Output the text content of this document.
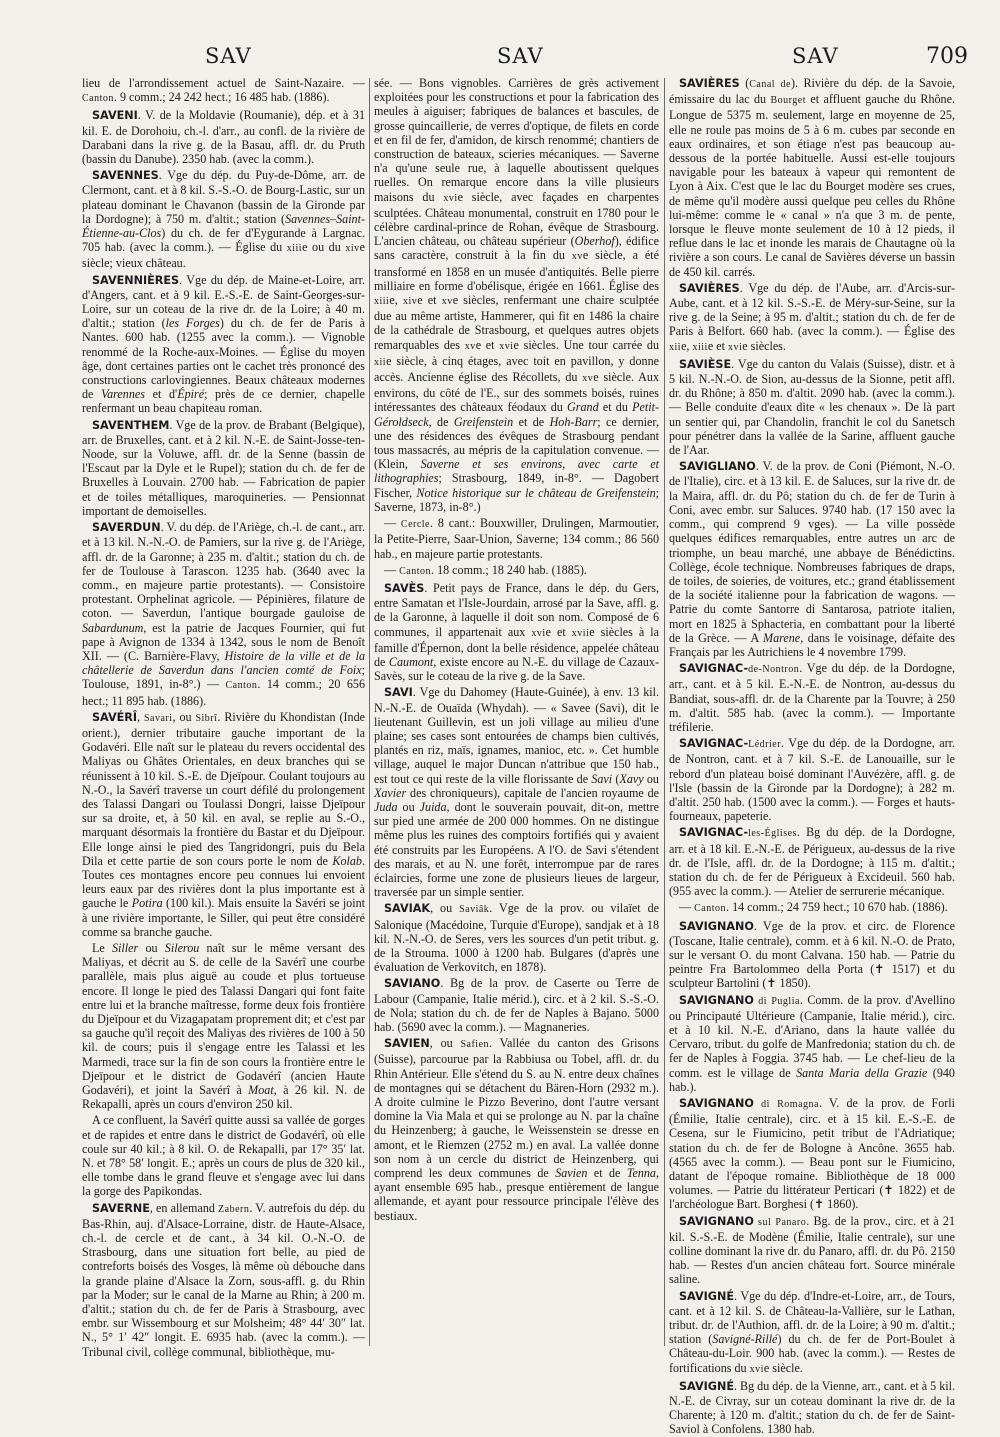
SAV	SAV	SAV	709

lieu de l'arrondissement actuel de Saint-Nazaire. — Canton. 9 comm.; 24 242 hect.; 16 485 hab. (1886).

SAVENI. V. de la Moldavie (Roumanie), dép. et à 31 kil. E. de Dorohoiu, ch.-l. d'arr., au confl. de la rivière de Darabani dans la rive g. de la Basau, affl. dr. du Pruth (bassin du Danube). 2350 hab. (avec la comm.).

SAVENNES. Vge du dép. du Puy-de-Dôme, arr. de Clermont, cant. et à 8 kil. S.-S.-O. de Bourg-Lastic, sur un plateau dominant le Chavanon (bassin de la Gironde par la Dordogne); à 750 m. d'altit.; station (Savennes–Saint-Étienne-au-Clos) du ch. de fer d'Eygurande à Largnac. 705 hab. (avec la comm.). — Église du xiiie ou du xive siècle; vieux château.

SAVENNIÈRES. Vge du dép. de Maine-et-Loire, arr. d'Angers, cant. et à 9 kil. E.-S.-E. de Saint-Georges-sur-Loire, sur un coteau de la rive dr. de la Loire; à 40 m. d'altit.; station (les Forges) du ch. de fer de Paris à Nantes. 600 hab. (1255 avec la comm.). — Vignoble renommé de la Roche-aux-Moines. — Église du moyen âge, dont certaines parties ont le cachet très prononcé des constructions carlovingiennes. Beaux châteaux modernes de Varennes et d'Épiré; près de ce dernier, chapelle renfermant un beau chapiteau roman.

SAVENTHEM. Vge de la prov. de Brabant (Belgique), arr. de Bruxelles, cant. et à 2 kil. N.-E. de Saint-Josse-ten-Noode, sur la Voluwe, affl. dr. de la Senne (bassin de l'Escaut par la Dyle et le Rupel); station du ch. de fer de Bruxelles à Louvain. 2700 hab. — Fabrication de papier et de toiles métalliques, maroquineries. — Pensionnat important de demoiselles.

SAVERDUN. V. du dép. de l'Ariège, ch.-l. de cant., arr. et à 13 kil. N.-N.-O. de Pamiers, sur la rive g. de l'Ariège, affl. dr. de la Garonne; à 235 m. d'altit.; station du ch. de fer de Toulouse à Tarascon. 1235 hab. (3640 avec la comm., en majeure partie protestants). — Consistoire protestant. Orphelinat agricole. — Pépinières, filature de coton. — Saverdun, l'antique bourgade gauloise de Sabardunum, est la patrie de Jacques Fournier, qui fut pape à Avignon de 1334 à 1342, sous le nom de Benoît XII. — (C. Barnière-Flavy, Histoire de la ville et de la châtellerie de Saverdun dans l'ancien comté de Foix; Toulouse, 1891, in-8°.) — Canton. 14 comm.; 20 656 hect.; 11 895 hab. (1886).

SAVÉRÎ, Savari, ou Sibrî. Rivière du Khondistan (Inde orient.), dernier tributaire gauche important de la Godavéri. Elle naît sur le plateau du revers occidental des Maliyas ou Ghâtes Orientales, en deux branches qui se réunissent à 10 kil. S.-E. de Djeïpour. Coulant toujours au N.-O., la Savérî traverse un court défilé du prolongement des Talassi Dangari ou Toulassi Dongri, laisse Djeïpour sur sa droite, et, à 50 kil. en aval, se replie au S.-O., marquant désormais la frontière du Bastar et du Djeïpour. Elle longe ainsi le pied des Tangridongri, puis du Bela Dila et cette partie de son cours porte le nom de Kolab. Toutes ces montagnes encore peu connues lui envoient leurs eaux par des rivières dont la plus importante est à gauche le Potira (100 kil.). Mais ensuite la Savéri se joint à une rivière importante, le Siller, qui peut être considéré comme sa branche gauche.

Le Siller ou Silerou naît sur le même versant des Maliyas, et décrit au S. de celle de la Savérî une courbe parallèle, mais plus aiguë au coude et plus tortueuse encore. Il longe le pied des Talassi Dangari qui font faite entre lui et la branche maîtresse, forme deux fois frontière du Djeïpour et du Vizagapatam proprement dit; et c'est par sa gauche qu'il reçoit des Maliyas des rivières de 100 à 50 kil. de cours; puis il s'engage entre les Talassi et les Marmedi, trace sur la fin de son cours la frontière entre le Djeïpour et le district de Godavérî (ancien Haute Godavéri), et joint la Savérî à Moat, à 26 kil. N. de Rekapalli, après un cours d'environ 250 kil.

A ce confluent, la Savérî quitte aussi sa vallée de gorges et de rapides et entre dans le district de Godavérî, où elle coule sur 40 kil.; à 8 kil. O. de Rekapalli, par 17° 35′ lat. N. et 78° 58′ longit. E.; après un cours de plus de 320 kil., elle tombe dans le grand fleuve et s'engage avec lui dans la gorge des Papikondas.

SAVERNE, en allemand Zabern. V. autrefois du dép. du Bas-Rhin, auj. d'Alsace-Lorraine, distr. de Haute-Alsace, ch.-l. de cercle et de cant., à 34 kil. O.-N.-O. de Strasbourg, dans une situation fort belle, au pied de contreforts boisés des Vosges, là même où débouche dans la grande plaine d'Alsace la Zorn, sous-affl. g. du Rhin par la Moder; sur le canal de la Marne au Rhin; à 200 m. d'altit.; station du ch. de fer de Paris à Strasbourg, avec embr. sur Wissembourg et sur Molsheim; 48° 44′ 30″ lat. N., 5° 1′ 42″ longit. E. 6935 hab. (avec la comm.). — Tribunal civil, collège communal, bibliothèque, mu-

sée. — Bons vignobles. Carrières de grès activement exploitées pour les constructions et pour la fabrication des meules à aiguiser; fabriques de balances et bascules, de grosse quincaillerie, de verres d'optique, de filets en corde et en fil de fer, d'amidon, de kirsch renommé; chantiers de construction de bateaux, scieries mécaniques. — Saverne n'a qu'une seule rue, à laquelle aboutissent quelques ruelles. On remarque encore dans la ville plusieurs maisons du xvie siècle, avec façades en charpentes sculptées. Château monumental, construit en 1780 pour le célèbre cardinal-prince de Rohan, évêque de Strasbourg. L'ancien château, ou château supérieur (Oberhof), édifice sans caractère, construit à la fin du xve siècle, a été transformé en 1858 en un musée d'antiquités. Belle pierre milliaire en forme d'obélisque, érigée en 1661. Église des xiiie, xive et xve siècles, renfermant une chaire sculptée due au même artiste, Hammerer, qui fit en 1486 la chaire de la cathédrale de Strasbourg, et quelques autres objets remarquables des xve et xvie siècles. Une tour carrée du xiie siècle, à cinq étages, avec toit en pavillon, y donne accès. Ancienne église des Récollets, du xve siècle. Aux environs, du côté de l'E., sur des sommets boisés, ruines intéressantes des châteaux féodaux du Grand et du Petit-Géroldseck, de Greifenstein et de Hoh-Barr; ce dernier, une des résidences des évêques de Strasbourg pendant tous massacrés, au mépris de la capitulation convenue. — (Klein, Saverne et ses environs, avec carte et lithographies; Strasbourg, 1849, in-8°. — Dagobert Fischer, Notice historique sur le château de Greifenstein; Saverne, 1873, in-8°.)

— Cercle. 8 cant.: Bouxwiller, Drulingen, Marmoutier, la Petite-Pierre, Saar-Union, Saverne; 134 comm.; 86 560 hab., en majeure partie protestants.

— Canton. 18 comm.; 18 240 hab. (1885).

SAVÈS. Petit pays de France, dans le dép. du Gers, entre Samatan et l'Isle-Jourdain, arrosé par la Save, affl. g. de la Garonne, à laquelle il doit son nom. Composé de 6 communes, il appartenait aux xvie et xviie siècles à la famille d'Épernon, dont la belle résidence, appelée château de Caumont, existe encore au N.-E. du village de Cazaux-Savès, sur le coteau de la rive g. de la Save.

SAVI. Vge du Dahomey (Haute-Guinée), à env. 13 kil. N.-N.-E. de Ouaïda (Whydah). — « Savee (Savi), dit le lieutenant Guillevin, est un joli village au milieu d'une plaine; ses cases sont entourées de champs bien cultivés, plantés en riz, maïs, ignames, manioc, etc. ». Cet humble village, auquel le major Duncan n'attribue que 150 hab., est tout ce qui reste de la ville florissante de Savi (Xavy ou Xavier des chroniqueurs), capitale de l'ancien royaume de Juda ou Juida, dont le souverain pouvait, dit-on, mettre sur pied une armée de 200 000 hommes. On ne distingue même plus les ruines des comptoirs fortifiés qui y avaient été construits par les Européens. A l'O. de Savi s'étendent des marais, et au N. une forêt, interrompue par de rares éclaircies, forme une zone de plusieurs lieues de largeur, traversée par un simple sentier.

SAVIAK, ou Saviâk. Vge de la prov. ou vilaïet de Salonique (Macédoine, Turquie d'Europe), sandjak et à 18 kil. N.-N.-O. de Seres, vers les sources d'un petit tribut. g. de la Strouma. 1000 à 1200 hab. Bulgares (d'après une évaluation de Verkovitch, en 1878).

SAVIANO. Bg de la prov. de Caserte ou Terre de Labour (Campanie, Italie mérid.), circ. et à 2 kil. S.-S.-O. de Nola; station du ch. de fer de Naples à Bajano. 5000 hab. (5690 avec la comm.). — Magnaneries.

SAVIEN, ou Safien. Vallée du canton des Grisons (Suisse), parcourue par la Rabbiusa ou Tobel, affl. dr. du Rhin Antérieur. Elle s'étend du S. au N. entre deux chaînes de montagnes qui se détachent du Bären-Horn (2932 m.). A droite culmine le Pizzo Beverino, dont l'autre versant domine la Via Mala et qui se prolonge au N. par la chaîne du Heinzenberg; à gauche, le Weissenstein se dresse en amont, et le Riemzen (2752 m.) en aval. La vallée donne son nom à un cercle du district de Heinzenberg, qui comprend les deux communes de Savien et de Tenna, ayant ensemble 695 hab., presque entièrement de langue allemande, et ayant pour ressource principale l'élève des bestiaux.

SAVIÈRES (Canal de). Rivière du dép. de la Savoie, émissaire du lac du Bourget et affluent gauche du Rhône. Longue de 5375 m. seulement, large en moyenne de 25, elle ne roule pas moins de 5 à 6 m. cubes par seconde en eaux ordinaires, et son étiage n'est pas beaucoup au-dessous de la portée habituelle. Aussi est-elle toujours navigable pour les bateaux à vapeur qui remontent de Lyon à Aix. C'est que le lac du Bourget modère ses crues, de même qu'il modère aussi quelque peu celles du Rhône lui-même: comme le « canal » n'a que 3 m. de pente, lorsque le fleuve monte seulement de 10 à 12 pieds, il reflue dans le lac et inonde les marais de Chautagne où la rivière a son cours. Le canal de Savières déverse un bassin de 450 kil. carrés.

SAVIÈRES. Vge du dép. de l'Aube, arr. d'Arcis-sur-Aube, cant. et à 12 kil. S.-S.-E. de Méry-sur-Seine, sur la rive g. de la Seine; à 95 m. d'altit.; station du ch. de fer de Paris à Belfort. 660 hab. (avec la comm.). — Église des xiie, xiiie et xvie siècles.

SAVIÈSE. Vge du canton du Valais (Suisse), distr. et à 5 kil. N.-N.-O. de Sion, au-dessus de la Sionne, petit affl. dr. du Rhône; à 850 m. d'altit. 2090 hab. (avec la comm.). — Belle conduite d'eaux dite « les chenaux ». De là part un sentier qui, par Chandolin, franchit le col du Sanetsch pour pénétrer dans la vallée de la Sarine, affluent gauche de l'Aar.

SAVIGLIANO. V. de la prov. de Coni (Piémont, N.-O. de l'Italie), circ. et à 13 kil. E. de Saluces, sur la rive dr. de la Maira, affl. dr. du Pô; station du ch. de fer de Turin à Coni, avec embr. sur Saluces. 9740 hab. (17 150 avec la comm., qui comprend 9 vges). — La ville possède quelques édifices remarquables, entre autres un arc de triomphe, un beau marché, une abbaye de Bénédictins. Collège, école technique. Nombreuses fabriques de draps, de toiles, de soieries, de voitures, etc.; grand établissement de la société italienne pour la fabrication de wagons. — Patrie du comte Santorre di Santarosa, patriote italien, mort en 1825 à Sphacteria, en combattant pour la liberté de la Grèce. — A Marene, dans le voisinage, défaite des Français par les Autrichiens le 4 novembre 1799.

SAVIGNAC-de-Nontron. Vge du dép. de la Dordogne, arr., cant. et à 5 kil. E.-N.-E. de Nontron, au-dessus du Bandiat, sous-affl. dr. de la Charente par la Touvre; à 250 m. d'altit. 585 hab. (avec la comm.). — Importante tréfilerie.

SAVIGNAC-Lédrier. Vge du dép. de la Dordogne, arr. de Nontron, cant. et à 7 kil. S.-E. de Lanouaille, sur le rebord d'un plateau boisé dominant l'Auvézère, affl. g. de l'Isle (bassin de la Gironde par la Dordogne); à 282 m. d'altit. 250 hab. (1500 avec la comm.). — Forges et hauts-fourneaux, papeterie.

SAVIGNAC-les-Églises. Bg du dép. de la Dordogne, arr. et à 18 kil. E.-N.-E. de Périgueux, au-dessus de la rive dr. de l'Isle, affl. dr. de la Dordogne; à 115 m. d'altit.; station du ch. de fer de Périgueux à Excideuil. 560 hab. (955 avec la comm.). — Atelier de serrurerie mécanique.

— Canton. 14 comm.; 24 759 hect.; 10 670 hab. (1886).

SAVIGNANO. Vge de la prov. et circ. de Florence (Toscane, Italie centrale), comm. et à 6 kil. N.-O. de Prato, sur le versant O. du mont Calvana. 150 hab. — Patrie du peintre Fra Bartolommeo della Porta (✝ 1517) et du sculpteur Bartolini (✝ 1850).

SAVIGNANO di Puglia. Comm. de la prov. d'Avellino ou Principauté Ultérieure (Campanie, Italie mérid.), circ. et à 10 kil. N.-E. d'Ariano, dans la haute vallée du Cervaro, tribut. du golfe de Manfredonia; station du ch. de fer de Naples à Foggia. 3745 hab. — Le chef-lieu de la comm. est le village de Santa Maria della Grazie (940 hab.).

SAVIGNANO di Romagna. V. de la prov. de Forli (Émilie, Italie centrale), circ. et à 15 kil. E.-S.-E. de Cesena, sur le Fiumicino, petit tribut de l'Adriatique; station du ch. de fer de Bologne à Ancône. 3655 hab. (4565 avec la comm.). — Beau pont sur le Fiumicino, datant de l'époque romaine. Bibliothèque de 18 000 volumes. — Patrie du littérateur Perticari (✝ 1822) et de l'archéologue Bart. Borghesi (✝ 1860).

SAVIGNANO sul Panaro. Bg. de la prov., circ. et à 21 kil. S.-S.-E. de Modène (Émilie, Italie centrale), sur une colline dominant la rive dr. du Panaro, affl. dr. du Pô. 2150 hab. — Restes d'un ancien château fort. Source minérale saline.

SAVIGNÉ. Vge du dép. d'Indre-et-Loire, arr., de Tours, cant. et à 12 kil. S. de Château-la-Vallière, sur le Lathan, tribut. dr. de l'Authion, affl. dr. de la Loire; à 90 m. d'altit.; station (Savigné-Rillé) du ch. de fer de Port-Boulet à Château-du-Loir. 900 hab. (avec la comm.). — Restes de fortifications du xvie siècle.

SAVIGNÉ. Bg du dép. de la Vienne, arr., cant. et à 5 kil. N.-E. de Civray, sur un coteau dominant la rive dr. de la Charente; à 120 m. d'altit.; station du ch. de fer de Saint-Saviol à Confolens. 1380 hab.
